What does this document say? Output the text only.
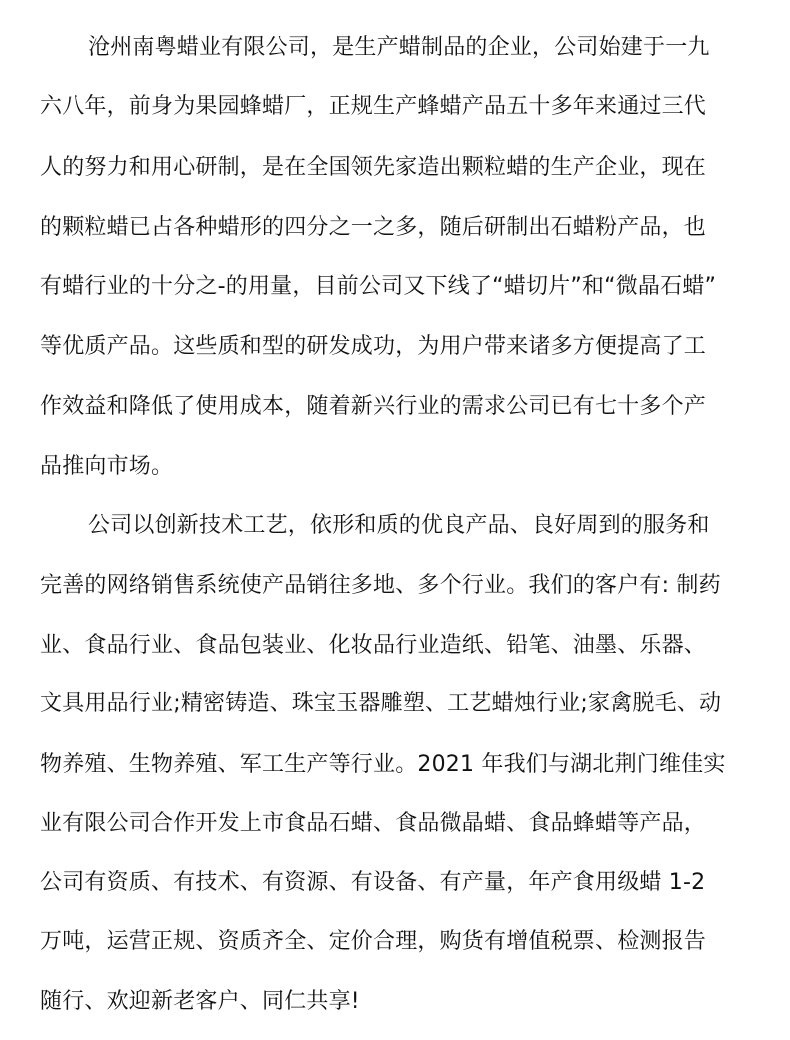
沧州南粤蜡业有限公司，是生产蜡制品的企业，公司始建于一九
六八年，前身为果园蜂蜡厂，正规生产蜂蜡产品五十多年来通过三代
人的努力和用心研制，是在全国领先家造出颗粒蜡的生产企业，现在
的颗粒蜡已占各种蜡形的四分之一之多，随后研制出石蜡粉产品，也
有蜡行业的十分之-的用量，目前公司又下线了“蜡切片”和“微晶石蜡”
等优质产品。这些质和型的研发成功，为用户带来诸多方便提高了工
作效益和降低了使用成本，随着新兴行业的需求公司已有七十多个产
品推向市场。
公司以创新技术工艺，依形和质的优良产品、良好周到的服务和
完善的网络销售系统使产品销往多地、多个行业。我们的客户有: 制药
业、食品行业、食品包装业、化妆品行业造纸、铅笔、油墨、乐器、
文具用品行业;精密铸造、珠宝玉器雕塑、工艺蜡烛行业;家禽脱毛、动
物养殖、生物养殖、军工生产等行业。2021 年我们与湖北荆门维佳实
业有限公司合作开发上市食品石蜡、食品微晶蜡、食品蜂蜡等产品，
公司有资质、有技术、有资源、有设备、有产量，年产食用级蜡 1-2
万吨，运营正规、资质齐全、定价合理，购货有增值税票、检测报告
随行、欢迎新老客户、同仁共享!
